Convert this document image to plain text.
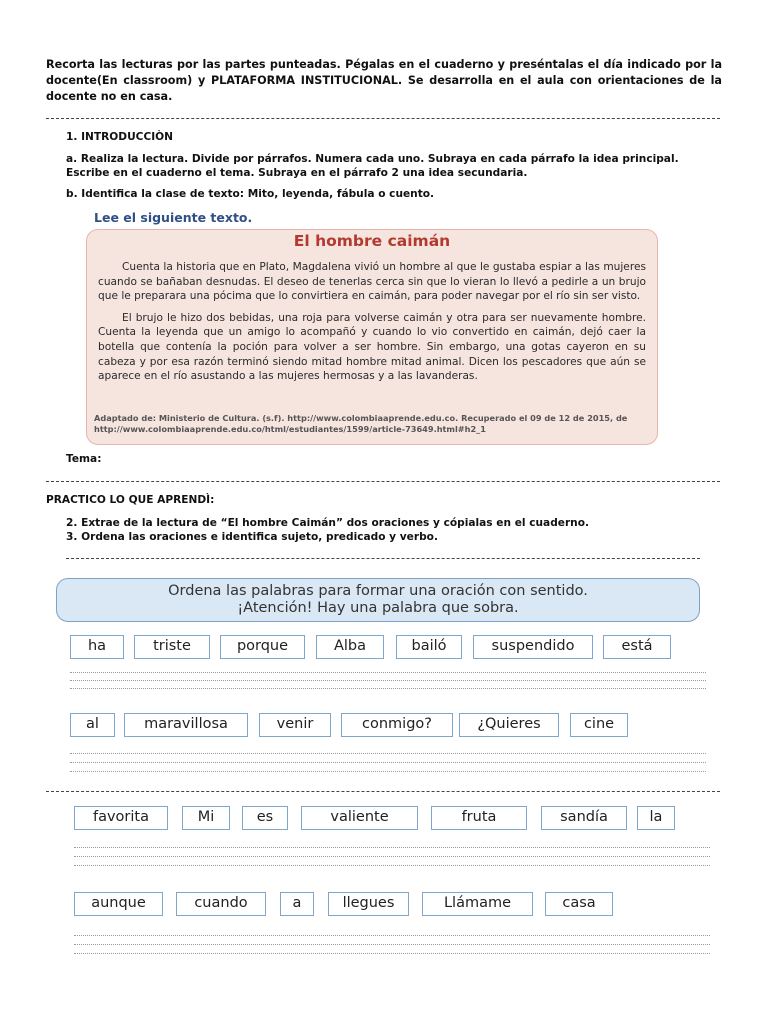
Recorta las lecturas por las partes punteadas. Pégalas en el cuaderno y preséntalas el día indicado por la docente(En classroom) y PLATAFORMA INSTITUCIONAL. Se desarrolla en el aula con orientaciones de la docente no en casa.
1. INTRODUCCIÒN
a. Realiza la lectura. Divide por párrafos. Numera cada uno. Subraya en cada párrafo la idea principal. Escribe en el cuaderno el tema. Subraya en el párrafo 2 una idea secundaria.
b. Identifica la clase de texto: Mito, leyenda, fábula o cuento.
Lee el siguiente texto.
El hombre caimán

Cuenta la historia que en Plato, Magdalena vivió un hombre al que le gustaba espiar a las mujeres cuando se bañaban desnudas. El deseo de tenerlas cerca sin que lo vieran lo llevó a pedirle a un brujo que le preparara una pócima que lo convirtiera en caimán, para poder navegar por el río sin ser visto.

El brujo le hizo dos bebidas, una roja para volverse caimán y otra para ser nuevamente hombre. Cuenta la leyenda que un amigo lo acompañó y cuando lo vio convertido en caimán, dejó caer la botella que contenía la poción para volver a ser hombre. Sin embargo, una gotas cayeron en su cabeza y por esa razón terminó siendo mitad hombre mitad animal. Dicen los pescadores que aún se aparece en el río asustando a las mujeres hermosas y a las lavanderas.

Adaptado de: Ministerio de Cultura. (s.f). http://www.colombiaaprende.edu.co. Recuperado el 09 de 12 de 2015, de http://www.colombiaaprende.edu.co/html/estudiantes/1599/article-73649.html#h2_1
Tema:
PRACTICO LO QUE APRENDÌ:
2. Extrae de la lectura de “El hombre Caimán” dos oraciones y cópialas en el cuaderno.
3. Ordena las oraciones e identifica sujeto, predicado y verbo.
Ordena las palabras para formar una oración con sentido.
¡Atención! Hay una palabra que sobra.
ha	triste	porque	Alba	bailó	suspendido	está
al	maravillosa	venir	conmigo?	¿Quieres	cine
favorita	Mi	es	valiente	fruta	sandía	la
aunque	cuando	a	llegues	Llámame	casa
